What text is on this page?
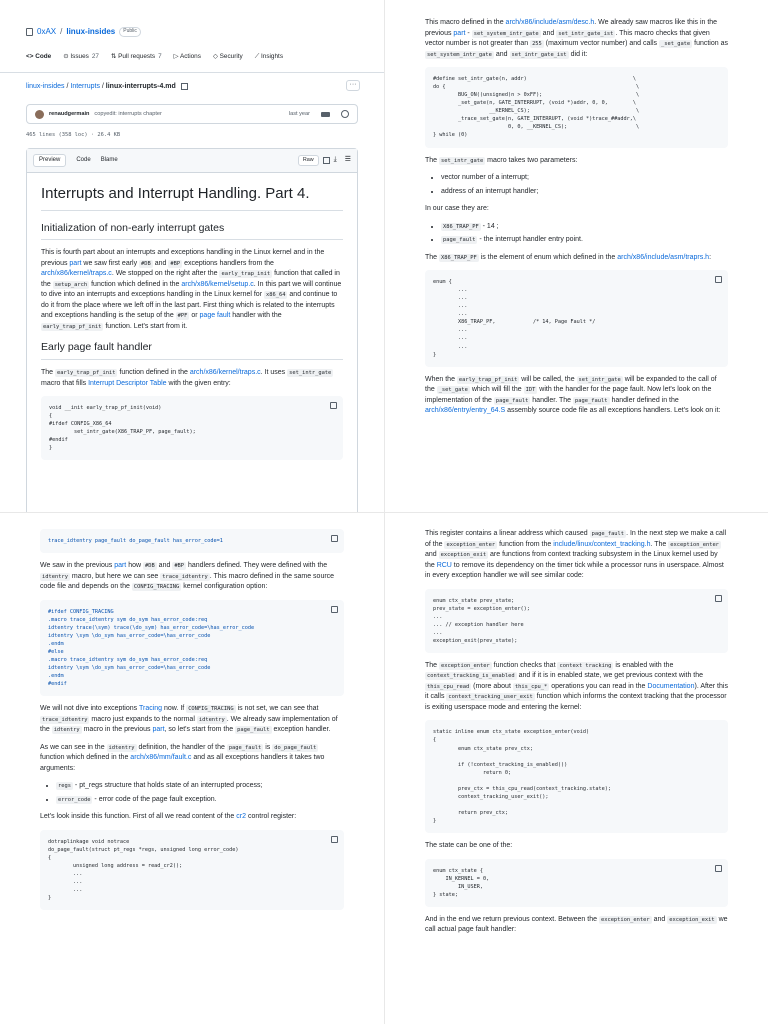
0xAX / linux-insides	Public
<> Code ⊙ Issues 27 ⇅ Pull requests 7 ▷ Actions ◇ Security ⟋ Insights
linux-insides / Interrupts / linux-interrupts-4.md	···
renaudgermain copyedit: interrupts chapter	last year
465 lines (358 loc) · 26.4 KB
Preview	Code Blame	Raw	⤓ ☰
Interrupts and Interrupt Handling. Part 4.
Initialization of non-early interrupt gates

This is fourth part about an interrupts and exceptions handling in the Linux kernel and in the previous part we saw first early #DB and #BP exceptions handlers from the arch/x86/kernel/traps.c. We stopped on the right after the early_trap_init function that called in the setup_arch function which defined in the arch/x86/kernel/setup.c. In this part we will continue to dive into an interrupts and exceptions handling in the Linux kernel for x86_64 and continue to do it from the place where we left off in the last part. First thing which is related to the interrupts and exceptions handling is the setup of the #PF or page fault handler with the early_trap_pf_init function. Let's start from it.

Early page fault handler

The early_trap_pf_init function defined in the arch/x86/kernel/traps.c. It uses set_intr_gate macro that fills Interrupt Descriptor Table with the given entry:

void __init early_trap_pf_init(void)
{
#ifdef CONFIG_X86_64
set_intr_gate(X86_TRAP_PF, page_fault);
#endif
}

This macro defined in the arch/x86/include/asm/desc.h. We already saw macros like this in the previous part - set_system_intr_gate and set_intr_gate_ist . This macro checks that given vector number is not greater than 255 (maximum vector number) and calls _set_gate function as set_system_intr_gate and set_intr_gate_ist did it:

#define set_intr_gate(n, addr)                                  \
do {                                                             \
BUG_ON((unsigned)n > 0xFF);                              \
_set_gate(n, GATE_INTERRUPT, (void *)addr, 0, 0,        \
__KERNEL_CS);                                  \
_trace_set_gate(n, GATE_INTERRUPT, (void *)trace_##addr,\
0, 0, __KERNEL_CS);                      \
} while (0)

The set_intr_gate macro takes two parameters:

• vector number of a interrupt;
• address of an interrupt handler;

In our case they are:

• X86_TRAP_PF - 14 ;
• page_fault - the interrupt handler entry point.

The X86_TRAP_PF is the element of enum which defined in the arch/x86/include/asm/traprs.h:

enum {
...
...
...
...
X86_TRAP_PF,            /* 14, Page Fault */
...
...
...
}

When the early_trap_pf_init will be called, the set_intr_gate will be expanded to the call of the _set_gate which will fill the IDT with the handler for the page fault. Now let's look on the implementation of the page_fault handler. The page_fault handler defined in the arch/x86/entry/entry_64.S assembly source code file as all exceptions handlers. Let's look on it:

trace_idtentry page_fault do_page_fault has_error_code=1

We saw in the previous part how #DB and #BP handlers defined. They were defined with the idtentry macro, but here we can see trace_idtentry . This macro defined in the same source code file and depends on the CONFIG_TRACING kernel configuration option:

#ifdef CONFIG_TRACING
.macro trace_idtentry sym do_sym has_error_code:req
idtentry trace(\sym) trace(\do_sym) has_error_code=\has_error_code
idtentry \sym \do_sym has_error_code=\has_error_code
.endm
#else
.macro trace_idtentry sym do_sym has_error_code:req
idtentry \sym \do_sym has_error_code=\has_error_code
.endm
#endif

We will not dive into exceptions Tracing now. If CONFIG_TRACING is not set, we can see that trace_idtentry macro just expands to the normal idtentry . We already saw implementation of the idtentry macro in the previous part, so let's start from the page_fault exception handler.

As we can see in the idtentry definition, the handler of the page_fault is do_page_fault function which defined in the arch/x86/mm/fault.c and as all exceptions handlers it takes two arguments:

• regs - pt_regs structure that holds state of an interrupted process;
• error_code - error code of the page fault exception.

Let's look inside this function. First of all we read content of the cr2 control register:

dotraplinkage void notrace
do_page_fault(struct pt_regs *regs, unsigned long error_code)
{
unsigned long address = read_cr2();
...
...
...
}

This register contains a linear address which caused page_fault . In the next step we make a call of the exception_enter function from the include/linux/context_tracking.h. The exception_enter and exception_exit are functions from context tracking subsystem in the Linux kernel used by the RCU to remove its dependency on the timer tick while a processor runs in userspace. Almost in every exception handler we will see similar code:

enum ctx_state prev_state;
prev_state = exception_enter();
...
... // exception handler here
...
exception_exit(prev_state);

The exception_enter function checks that context tracking is enabled with the context_tracking_is_enabled and if it is in enabled state, we get previous context with the this_cpu_read (more about this_cpu_* operations you can read in the Documentation). After this it calls context_tracking_user_exit function which informs the context tracking that the processor is exiting userspace mode and entering the kernel:

static inline enum ctx_state exception_enter(void)
{
enum ctx_state prev_ctx;

if (!context_tracking_is_enabled())
return 0;

prev_ctx = this_cpu_read(context_tracking.state);
context_tracking_user_exit();

return prev_ctx;
}

The state can be one of the:

enum ctx_state {
IN_KERNEL = 0,
IN_USER,
} state;

And in the end we return previous context. Between the exception_enter and exception_exit we call actual page fault handler:
